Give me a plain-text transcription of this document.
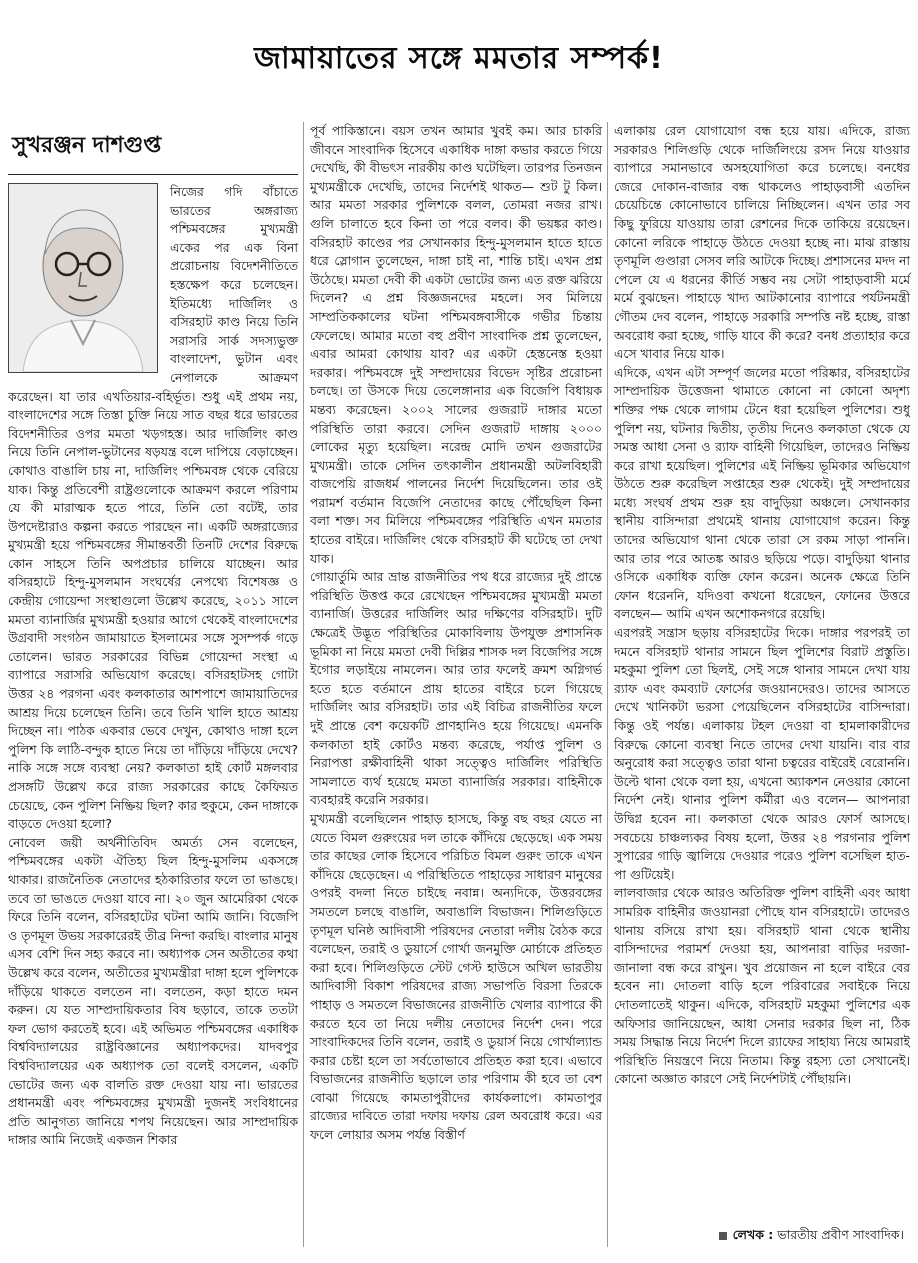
জামায়াতের সঙ্গে মমতার সম্পর্ক!
সুখরঞ্জন দাশগুপ্ত

নিজের গদি বাঁচাতে ভারতের অঙ্গরাজ্য পশ্চিমবঙ্গের মুখ্যমন্ত্রী একের পর এক বিনা প্ররোচনায় বিদেশনীতিতে হস্তক্ষেপ করে চলেছেন। ইতিমধ্যে দার্জিলিং ও বসিরহাট কাণ্ড নিয়ে তিনি সরাসরি সার্ক সদস্যভুক্ত বাংলাদেশ, ভুটান এবং নেপালকে আক্রমণ করেছেন। যা তার এখতিয়ার-বহির্ভূত। শুধু এই প্রথম নয়, বাংলাদেশের সঙ্গে তিস্তা চুক্তি নিয়ে সাত বছর ধরে ভারতের বিদেশনীতির ওপর মমতা খড়গহস্ত। আর দার্জিলিং কাণ্ড নিয়ে তিনি নেপাল-ভুটানের ষড়যন্ত্র বলে দাপিয়ে বেড়াচ্ছেন। কোথাও বাঙালি চায় না, দার্জিলিং পশ্চিমবঙ্গ থেকে বেরিয়ে যাক। কিন্তু প্রতিবেশী রাষ্ট্রগুলোকে আক্রমণ করলে পরিণাম যে কী মারাত্মক হতে পারে, তিনি তো বটেই, তার উপদেষ্টারাও কল্পনা করতে পারছেন না। একটি অঙ্গরাজ্যের মুখ্যমন্ত্রী হয়ে পশ্চিমবঙ্গের সীমান্তবর্তী তিনটি দেশের বিরুদ্ধে কোন সাহসে তিনি অপপ্রচার চালিয়ে যাচ্ছেন। আর বসিরহাটে হিন্দু-মুসলমান সংঘর্ষের নেপথ্যে বিশেষজ্ঞ ও কেন্দ্রীয় গোয়েন্দা সংস্থাগুলো উল্লেখ করেছে, ২০১১ সালে মমতা ব্যানার্জির মুখ্যমন্ত্রী হওয়ার আগে থেকেই বাংলাদেশের উগ্রবাদী সংগঠন জামায়াতে ইসলামের সঙ্গে সুসম্পর্ক গড়ে তোলেন। ভারত সরকারের বিভিন্ন গোয়েন্দা সংস্থা এ ব্যাপারে সরাসরি অভিযোগ করেছে। বসিরহাটসহ গোটা উত্তর ২৪ পরগনা এবং কলকাতার আশপাশে জামায়াতিদের আশ্রয় দিয়ে চলেছেন তিনি। তবে তিনি খালি হাতে আশ্রয় দিচ্ছেন না। পাঠক একবার ভেবে দেখুন, কোথাও দাঙ্গা হলে পুলিশ কি লাঠি-বন্দুক হাতে নিয়ে তা দাঁড়িয়ে দাঁড়িয়ে দেখে? নাকি সঙ্গে সঙ্গে ব্যবস্থা নেয়? কলকাতা হাই কোর্ট মঙ্গলবার প্রসঙ্গটি উল্লেখ করে রাজ্য সরকারের কাছে কৈফিয়ত চেয়েছে, কেন পুলিশ নিষ্ক্রিয় ছিল? কার হুকুমে, কেন দাঙ্গাকে বাড়তে দেওয়া হলো?

নোবেল জয়ী অর্থনীতিবিদ অমর্ত্য সেন বলেছেন, পশ্চিমবঙ্গের একটা ঐতিহ্য ছিল হিন্দু-মুসলিম একসঙ্গে থাকার। রাজনৈতিক নেতাদের হঠকারিতার ফলে তা ভাঙছে। তবে তা ভাঙতে দেওয়া যাবে না। ২০ জুন আমেরিকা থেকে ফিরে তিনি বলেন, বসিরহাটের ঘটনা আমি জানি। বিজেপি ও তৃণমূল উভয় সরকারেরই তীব্র নিন্দা করছি। বাংলার মানুষ এসব বেশি দিন সহ্য করবে না। অধ্যাপক সেন অতীতের কথা উল্লেখ করে বলেন, অতীতের মুখ্যমন্ত্রীরা দাঙ্গা হলে পুলিশকে দাঁড়িয়ে থাকতে বলতেন না। বলতেন, কড়া হাতে দমন করুন। যে যত সাম্প্রদায়িকতার বিষ ছড়াবে, তাকে ততটা ফল ভোগ করতেই হবে। এই অভিমত পশ্চিমবঙ্গের একাধিক বিশ্ববিদ্যালয়ের রাষ্ট্রবিজ্ঞানের অধ্যাপকদের। যাদবপুর বিশ্ববিদ্যালয়ের এক অধ্যাপক তো বলেই বসলেন, একটি ভোটের জন্য এক বালতি রক্ত দেওয়া যায় না। ভারতের প্রধানমন্ত্রী এবং পশ্চিমবঙ্গের মুখ্যমন্ত্রী দুজনই সংবিধানের প্রতি আনুগত্য জানিয়ে শপথ নিয়েছেন। আর সাম্প্রদায়িক দাঙ্গার আমি নিজেই একজন শিকার

পূর্ব পাকিস্তানে। বয়স তখন আমার খুবই কম। আর চাকরি জীবনে সাংবাদিক হিসেবে একাধিক দাঙ্গা কভার করতে গিয়ে দেখেছি, কী বীভৎস নারকীয় কাণ্ড ঘটেছিল। তারপর তিনজন মুখ্যমন্ত্রীকে দেখেছি, তাদের নির্দেশই থাকত— শুট টু কিল। আর মমতা সরকার পুলিশকে বলল, তোমরা নজর রাখ। গুলি চালাতে হবে কিনা তা পরে বলব। কী ভয়ঙ্কর কাণ্ড। বসিরহাট কাণ্ডের পর সেখানকার হিন্দু-মুসলমান হাতে হাতে ধরে স্লোগান তুলেছেন, দাঙ্গা চাই না, শান্তি চাই। এখন প্রশ্ন উঠেছে। মমতা দেবী কী একটা ভোটের জন্য এত রক্ত ঝরিয়ে দিলেন? এ প্রশ্ন বিজ্ঞজনদের মহলে। সব মিলিয়ে সাম্প্রতিককালের ঘটনা পশ্চিমবঙ্গবাসীকে গভীর চিন্তায় ফেলেছে। আমার মতো বহু প্রবীণ সাংবাদিক প্রশ্ন তুলেছেন, এবার আমরা কোথায় যাব? এর একটা হেস্তনেস্ত হওয়া দরকার। পশ্চিমবঙ্গে দুই সম্প্রদায়ের বিভেদ সৃষ্টির প্ররোচনা চলছে। তা উসকে দিয়ে তেলেঙ্গানার এক বিজেপি বিধায়ক মন্তব্য করেছেন। ২০০২ সালের গুজরাট দাঙ্গার মতো পরিস্থিতি তারা করবে। সেদিন গুজরাট দাঙ্গায় ২০০০ লোকের মৃত্যু হয়েছিল। নরেন্দ্র মোদি তখন গুজরাটের মুখ্যমন্ত্রী। তাকে সেদিন তৎকালীন প্রধানমন্ত্রী অটলবিহারী বাজপেয়ি রাজধর্ম পালনের নির্দেশ দিয়েছিলেন। তার ওই পরামর্শ বর্তমান বিজেপি নেতাদের কাছে পৌঁছেছিল কিনা বলা শক্ত। সব মিলিয়ে পশ্চিমবঙ্গের পরিস্থিতি এখন মমতার হাতের বাইরে। দার্জিলিং থেকে বসিরহাট কী ঘটেছে তা দেখা যাক।

গোয়ার্তুমি আর ভ্রান্ত রাজনীতির পথ ধরে রাজ্যের দুই প্রান্তে পরিস্থিতি উত্তপ্ত করে রেখেছেন পশ্চিমবঙ্গের মুখ্যমন্ত্রী মমতা ব্যানার্জি। উত্তরের দার্জিলিং আর দক্ষিণের বসিরহাট। দুটি ক্ষেত্রেই উদ্ভূত পরিস্থিতির মোকাবিলায় উপযুক্ত প্রশাসনিক ভূমিকা না নিয়ে মমতা দেবী দিল্লির শাসক দল বিজেপির সঙ্গে ইগোর লড়াইয়ে নামলেন। আর তার ফলেই ক্রমশ অগ্নিগর্ভ হতে হতে বর্তমানে প্রায় হাতের বাইরে চলে গিয়েছে দার্জিলিং আর বসিরহাট। তার এই বিচিত্র রাজনীতির ফলে দুই প্রান্তে বেশ কয়েকটি প্রাণহানিও হয়ে গিয়েছে। এমনকি কলকাতা হাই কোর্টও মন্তব্য করেছে, পর্যাপ্ত পুলিশ ও নিরাপত্তা রক্ষীবাহিনী থাকা সত্ত্বেও দার্জিলিং পরিস্থিতি সামলাতে ব্যর্থ হয়েছে মমতা ব্যানার্জির সরকার। বাহিনীকে ব্যবহারই করেনি সরকার।

মুখ্যমন্ত্রী বলেছিলেন পাহাড় হাসছে, কিন্তু বছ বছর যেতে না যেতে বিমল গুরুংয়ের দল তাকে কাঁদিয়ে ছেড়েছে। এক সময় তার কাছের লোক হিসেবে পরিচিত বিমল গুরুং তাকে এখন কাঁদিয়ে ছেড়েছেন। এ পরিস্থিতিতে পাহাড়ের সাধারণ মানুষের ওপরই বদলা নিতে চাইছে নবান্ন। অন্যদিকে, উত্তরবঙ্গের সমতলে চলছে বাঙালি, অবাঙালি বিভাজন। শিলিগুড়িতে তৃণমূল ঘনিষ্ঠ আদিবাসী পরিষদের নেতারা দলীয় বৈঠক করে বলেছেন, তরাই ও ডুয়ার্সে গোর্খা জনমুক্তি মোর্চাকে প্রতিহত করা হবে। শিলিগুড়িতে স্টেট গেস্ট হাউসে অখিল ভারতীয় আদিবাসী বিকাশ পরিষদের রাজ্য সভাপতি বিরসা তিরকে পাহাড় ও সমতলে বিভাজনের রাজনীতি খেলার ব্যাপারে কী করতে হবে তা নিয়ে দলীয় নেতাদের নির্দেশ দেন। পরে সাংবাদিকদের তিনি বলেন, তরাই ও ডুয়ার্স নিয়ে গোর্খাল্যান্ড করার চেষ্টা হলে তা সর্বতোভাবে প্রতিহত করা হবে। এভাবে বিভাজনের রাজনীতি ছড়ালে তার পরিণাম কী হবে তা বেশ বোঝা গিয়েছে কামতাপুরীদের কার্যকলাপে। কামতাপুর রাজ্যের দাবিতে তারা দফায় দফায় রেল অবরোধ করে। এর ফলে লোয়ার অসম পর্যন্ত বিস্তীর্ণ

এলাকায় রেল যোগাযোগ বন্ধ হয়ে যায়। এদিকে, রাজ্য সরকারও শিলিগুড়ি থেকে দার্জিলিংয়ে রসদ নিয়ে যাওয়ার ব্যাপারে সমানভাবে অসহযোগিতা করে চলেছে। বনধের জেরে দোকান-বাজার বন্ধ থাকলেও পাহাড়বাসী এতদিন চেয়েচিন্তে কোনোভাবে চালিয়ে নিচ্ছিলেন। এখন তার সব কিছু ফুরিয়ে যাওয়ায় তারা রেশনের দিকে তাকিয়ে রয়েছেন। কোনো লরিকে পাহাড়ে উঠতে দেওয়া হচ্ছে না। মাঝ রাস্তায় তৃণমূলি গুণ্ডারা সেসব লরি আটকে দিচ্ছে। প্রশাসনের মদদ না পেলে যে এ ধরনের কীর্তি সম্ভব নয় সেটা পাহাড়বাসী মর্মে মর্মে বুঝছেন। পাহাড়ে খাদ্য আটকানোর ব্যাপারে পর্যটনমন্ত্রী গৌতম দেব বলেন, পাহাড়ে সরকারি সম্পত্তি নষ্ট হচ্ছে, রাস্তা অবরোধ করা হচ্ছে, গাড়ি যাবে কী করে? বনধ প্রত্যাহার করে এসে খাবার নিয়ে যাক।

এদিকে, এখন এটা সম্পূর্ণ জলের মতো পরিষ্কার, বসিরহাটের সাম্প্রদায়িক উত্তেজনা থামাতে কোনো না কোনো অদৃশ্য শক্তির পক্ষ থেকে লাগাম টেনে ধরা হয়েছিল পুলিশের। শুধু পুলিশ নয়, ঘটনার দ্বিতীয়, তৃতীয় দিনেও কলকাতা থেকে যে সমস্ত আধা সেনা ও র‍্যাফ বাহিনী গিয়েছিল, তাদেরও নিষ্ক্রিয় করে রাখা হয়েছিল। পুলিশের এই নিষ্ক্রিয় ভূমিকার অভিযোগ উঠতে শুরু করেছিল সপ্তাহের শুরু থেকেই। দুই সম্প্রদায়ের মধ্যে সংঘর্ষ প্রথম শুরু হয় বাদুড়িয়া অঞ্চলে। সেখানকার স্থানীয় বাসিন্দারা প্রথমেই থানায় যোগাযোগ করেন। কিন্তু তাদের অভিযোগ থানা থেকে তারা সে রকম সাড়া পাননি। আর তার পরে আতঙ্ক আরও ছড়িয়ে পড়ে। বাদুড়িয়া থানার ওসিকে একাধিক ব্যক্তি ফোন করেন। অনেক ক্ষেত্রে তিনি ফোন ধরেননি, যদিওবা কখনো ধরেছেন, ফোনের উত্তরে বলছেন— আমি এখন অশোকনগরে রয়েছি।

এরপরই সন্ত্রাস ছড়ায় বসিরহাটের দিকে। দাঙ্গার পরপরই তা দমনে বসিরহাট থানার সামনে ছিল পুলিশের বিরাট প্রস্তুতি। মহকুমা পুলিশ তো ছিলই, সেই সঙ্গে থানার সামনে দেখা যায় র‍্যাফ এবং কমব্যাট ফোর্সের জওয়ানদেরও। তাদের আসতে দেখে খানিকটা ভরসা পেয়েছিলেন বসিরহাটের বাসিন্দারা। কিন্তু ওই পর্যন্ত। এলাকায় টহল দেওয়া বা হামলাকারীদের বিরুদ্ধে কোনো ব্যবস্থা নিতে তাদের দেখা যায়নি। বার বার অনুরোধ করা সত্ত্বেও তারা থানা চত্বরের বাইরেই বেরোননি। উল্টে থানা থেকে বলা হয়, এখনো অ্যাকশন নেওয়ার কোনো নির্দেশ নেই। থানার পুলিশ কর্মীরা এও বলেন— আপনারা উদ্বিগ্ন হবেন না। কলকাতা থেকে আরও ফোর্স আসছে। সবচেয়ে চাঞ্চল্যকর বিষয় হলো, উত্তর ২৪ পরগনার পুলিশ সুপারের গাড়ি জ্বালিয়ে দেওয়ার পরেও পুলিশ বসেছিল হাত-পা গুটিয়েই।

লালবাজার থেকে আরও অতিরিক্ত পুলিশ বাহিনী এবং আধা সামরিক বাহিনীর জওয়ানরা পৌছে যান বসিরহাটে। তাদেরও থানায় বসিয়ে রাখা হয়। বসিরহাট থানা থেকে স্থানীয় বাসিন্দাদের পরামর্শ দেওয়া হয়, আপনারা বাড়ির দরজা-জানালা বন্ধ করে রাখুন। খুব প্রয়োজন না হলে বাইরে বের হবেন না। দোতলা বাড়ি হলে পরিবারের সবাইকে নিয়ে দোতলাতেই থাকুন। এদিকে, বসিরহাট মহকুমা পুলিশের এক অফিসার জানিয়েছেন, আধা সেনার দরকার ছিল না, ঠিক সময় সিদ্ধান্ত নিয়ে নির্দেশ দিলে র‍্যাফের সাহায্য নিয়ে আমরাই পরিস্থিতি নিয়ন্ত্রণে নিয়ে নিতাম। কিন্তু রহস্য তো সেখানেই। কোনো অজ্ঞাত কারণে সেই নির্দেশটাই পৌঁছায়নি।

লেখক : ভারতীয় প্রবীণ সাংবাদিক।
